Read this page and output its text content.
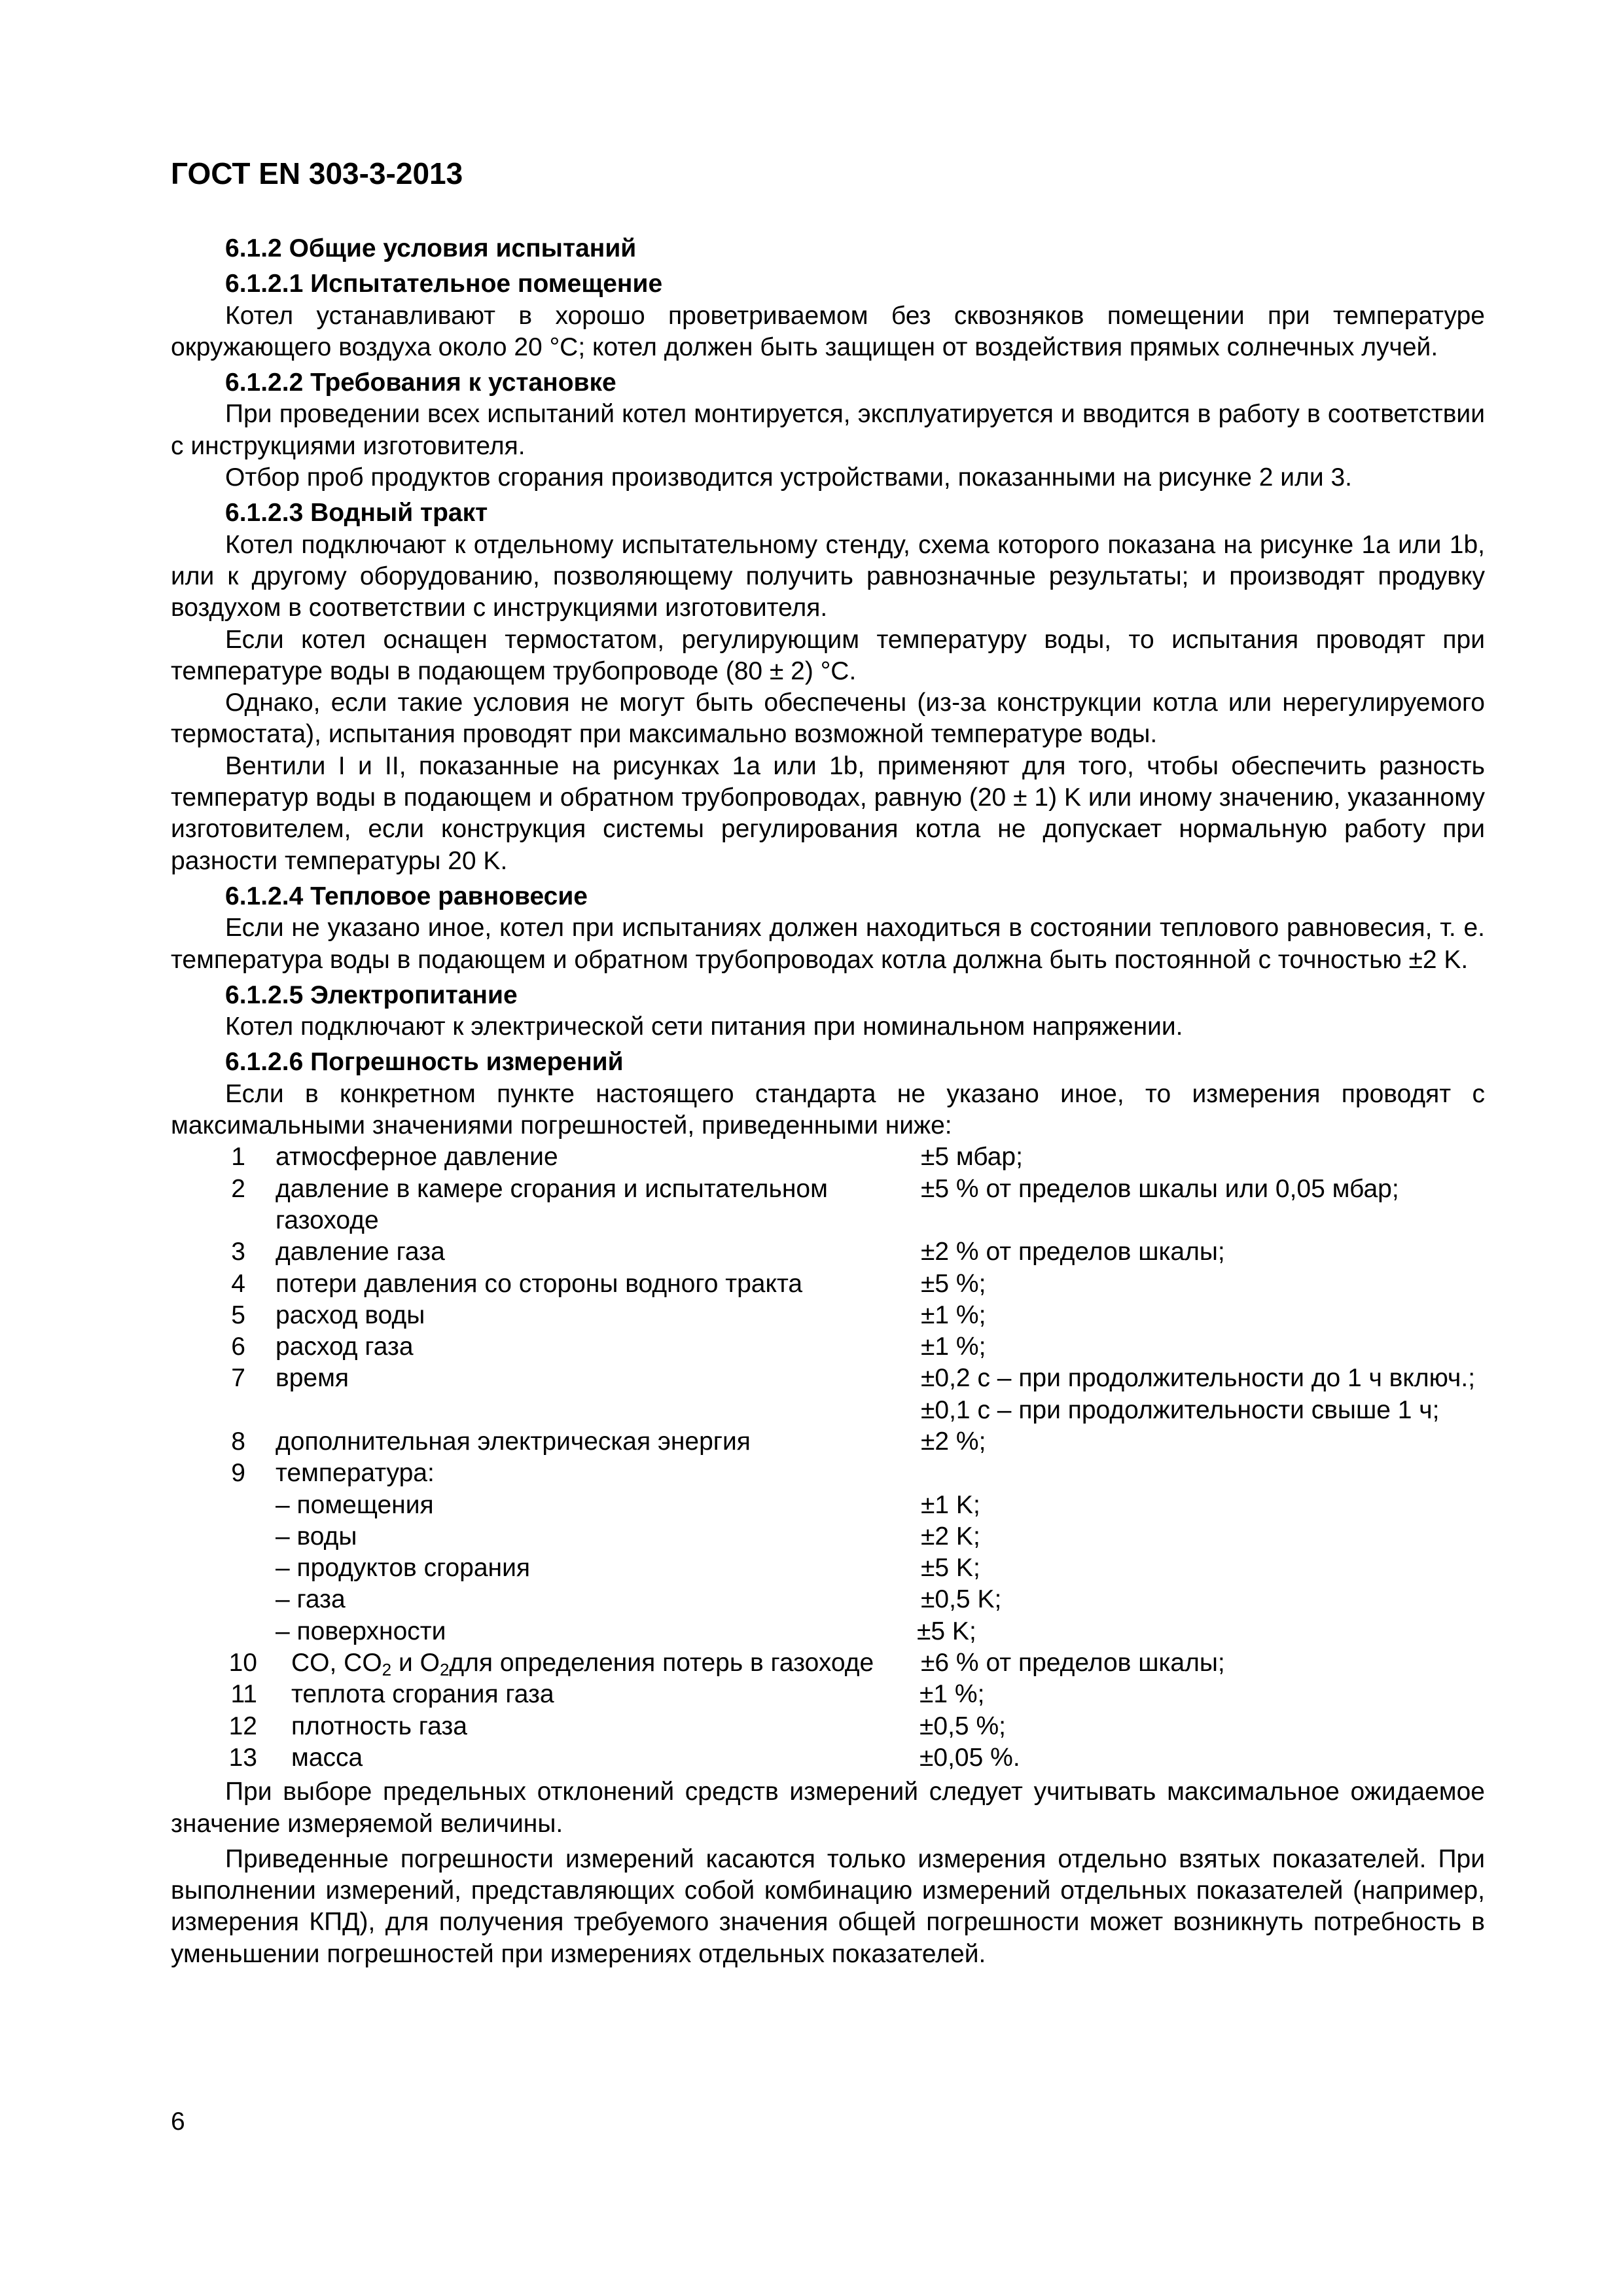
ГОСТ EN 303-3-2013
6.1.2 Общие условия испытаний
6.1.2.1 Испытательное помещение

Котел устанавливают в хорошо проветриваемом без сквозняков помещении при температуре окружающего воздуха около 20 °С; котел должен быть защищен от воздействия прямых солнечных лучей.

6.1.2.2 Требования к установке

При проведении всех испытаний котел монтируется, эксплуатируется и вводится в работу в соответствии с инструкциями изготовителя.

Отбор проб продуктов сгорания производится устройствами, показанными на рисунке 2 или 3.

6.1.2.3 Водный тракт

Котел подключают к отдельному испытательному стенду, схема которого показана на рисунке 1a или 1b, или к другому оборудованию, позволяющему получить равнозначные результаты; и производят продувку воздухом в соответствии с инструкциями изготовителя.

Если котел оснащен термостатом, регулирующим температуру воды, то испытания проводят при температуре воды в подающем трубопроводе (80 ± 2) °С.

Однако, если такие условия не могут быть обеспечены (из-за конструкции котла или нерегулируемого термостата), испытания проводят при максимально возможной температуре воды.

Вентили I и II, показанные на рисунках 1a или 1b, применяют для того, чтобы обеспечить разность температур воды в подающем и обратном трубопроводах, равную (20 ± 1) K или иному значению, указанному изготовителем, если конструкция системы регулирования котла не допускает нормальную работу при разности температуры 20 K.

6.1.2.4 Тепловое равновесие

Если не указано иное, котел при испытаниях должен находиться в состоянии теплового равновесия, т. е. температура воды в подающем и обратном трубопроводах котла должна быть постоянной с точностью ±2 K.

6.1.2.5 Электропитание

Котел подключают к электрической сети питания при номинальном напряжении.

6.1.2.6 Погрешность измерений

Если в конкретном пункте настоящего стандарта не указано иное, то измерения проводят с максимальными значениями погрешностей, приведенными ниже:

1	атмосферное давление	±5 мбар;
2	давление в камере сгорания и испытательном	±5 % от пределов шкалы или 0,05 мбар;
газоходе
3	давление газа	±2 % от пределов шкалы;
4	потери давления со стороны водного тракта	±5 %;
5	расход воды	±1 %;
6	расход газа	±1 %;
7	время	±0,2 с – при продолжительности до 1 ч включ.;
±0,1 с – при продолжительности свыше 1 ч;
8	дополнительная электрическая энергия	±2 %;
9	температура:
– помещения	±1 K;
– воды	±2 K;
– продуктов сгорания	±5 K;
– газа	±0,5 K;
– поверхности	±5 K;
10	CO, $CO_2$ и $O_2для$ определения потерь в газоходе	±6 % от пределов шкалы;
11	теплота сгорания газа	±1 %;
12	плотность газа	±0,5 %;
13	масса	±0,05 %.

При выборе предельных отклонений средств измерений следует учитывать максимальное ожидаемое значение измеряемой величины.

Приведенные погрешности измерений касаются только измерения отдельно взятых показателей. При выполнении измерений, представляющих собой комбинацию измерений отдельных показателей (например, измерения КПД), для получения требуемого значения общей погрешности может возникнуть потребность в уменьшении погрешностей при измерениях отдельных показателей.

6
